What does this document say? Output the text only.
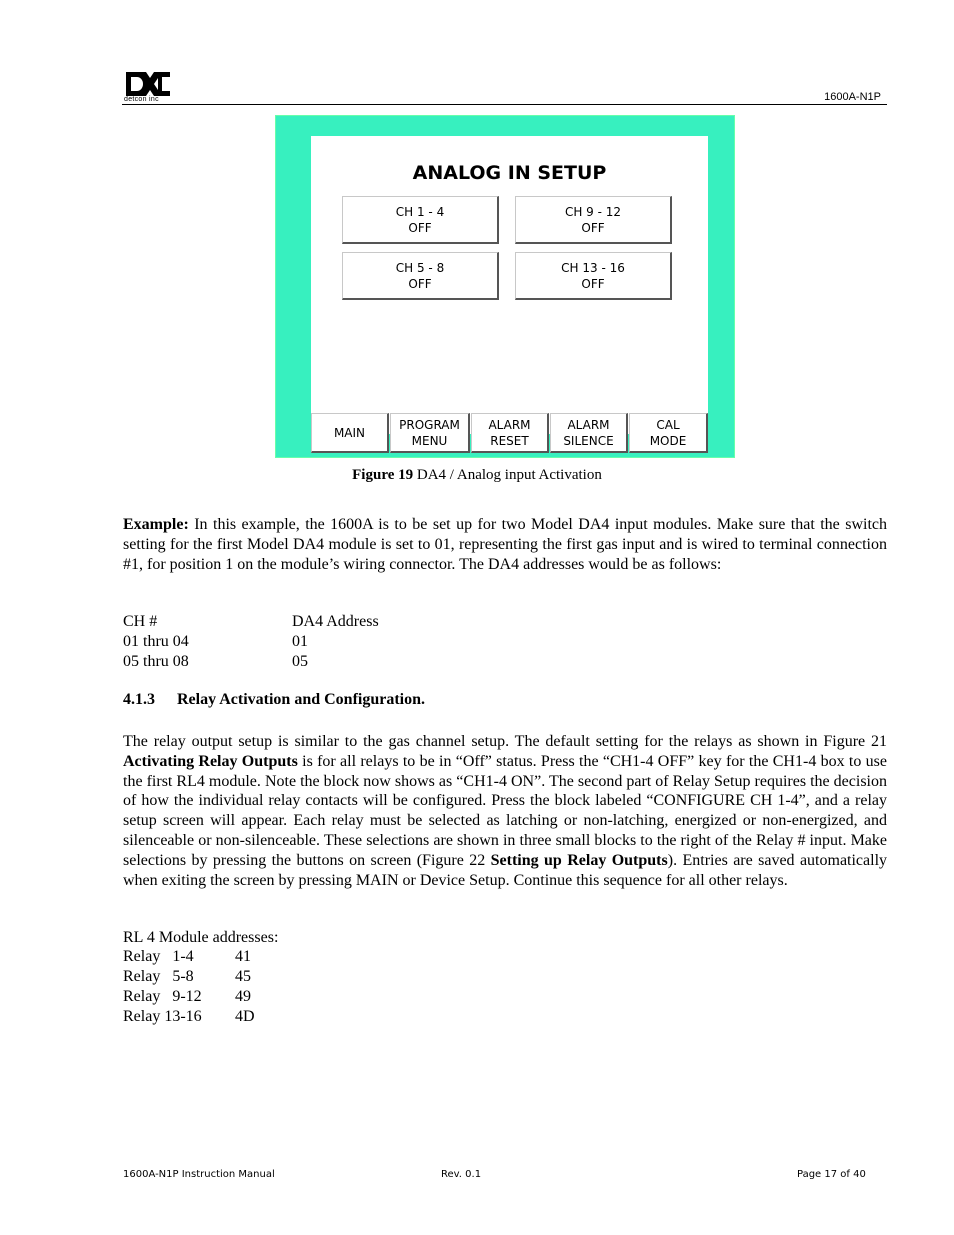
detcon inc	1600A-N1P
ANALOG IN SETUP
CH 1 - 4
OFF
CH 9 - 12
OFF
CH 5 - 8
OFF
CH 13 - 16
OFF
MAIN
PROGRAM
MENU
ALARM
RESET
ALARM
SILENCE
CAL
MODE
Figure 19 DA4 / Analog input Activation
Example: In this example, the 1600A is to be set up for two Model DA4 input modules. Make sure that the switch setting for the first Model DA4 module is set to 01, representing the first gas input and is wired to terminal connection #1, for position 1 on the module’s wiring connector. The DA4 addresses would be as follows:
CH #	DA4 Address
01 thru 04	01
05 thru 08	05
4.1.3 Relay Activation and Configuration.
The relay output setup is similar to the gas channel setup. The default setting for the relays as shown in Figure 21 Activating Relay Outputs is for all relays to be in “Off” status. Press the “CH1-4 OFF” key for the CH1-4 box to use the first RL4 module. Note the block now shows as “CH1-4 ON”. The second part of Relay Setup requires the decision of how the individual relay contacts will be configured. Press the block labeled “CONFIGURE CH 1-4”, and a relay setup screen will appear. Each relay must be selected as latching or non-latching, energized or non-energized, and silenceable or non-silenceable. These selections are shown in three small blocks to the right of the Relay # input. Make selections by pressing the buttons on screen (Figure 22 Setting up Relay Outputs). Entries are saved automatically when exiting the screen by pressing MAIN or Device Setup. Continue this sequence for all other relays.
RL 4 Module addresses:
Relay   1-4	41
Relay   5-8	45
Relay   9-12 49
Relay 13-16 4D
1600A-N1P Instruction Manual	Rev. 0.1	Page 17 of 40
